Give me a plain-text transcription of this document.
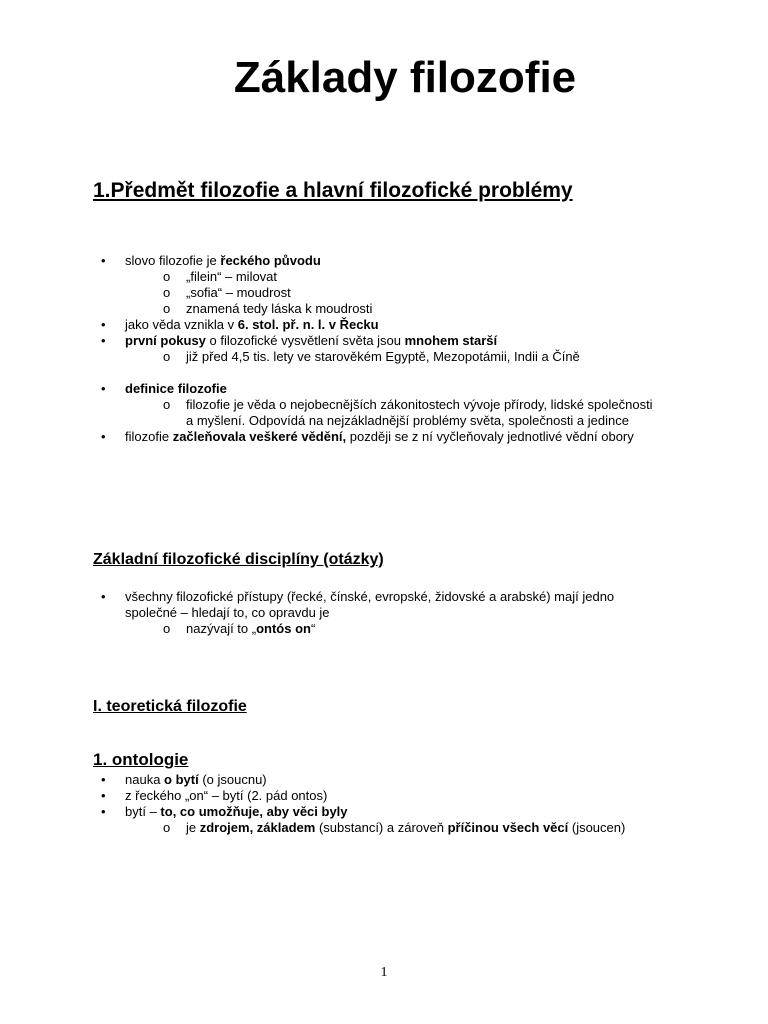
Základy filozofie
1.Předmět filozofie a hlavní filozofické problémy
• slovo filozofie je řeckého původu
o „filein“ – milovat
o „sofia“ – moudrost
o znamená tedy láska k moudrosti
• jako věda vznikla v 6. stol. př. n. l. v Řecku
• první pokusy o filozofické vysvětlení světa jsou mnohem starší
o již před 4,5 tis. lety ve starověkém Egyptě, Mezopotámii, Indii a Číně
• definice filozofie
o filozofie je věda o nejobecnějších zákonitostech vývoje přírody, lidské společnosti a myšlení. Odpovídá na nejzákladnější problémy světa, společnosti a jedince
• filozofie začleňovala veškeré vědění, později se z ní vyčleňovaly jednotlivé vědní obory
Základní filozofické disciplíny (otázky)
• všechny filozofické přístupy (řecké, čínské, evropské, židovské a arabské) mají jedno společné – hledají to, co opravdu je
o nazývají to „ontós on“
I. teoretická filozofie
1. ontologie
• nauka o bytí (o jsoucnu)
• z řeckého „on“ – bytí (2. pád ontos)
• bytí – to, co umožňuje, aby věci byly
o je zdrojem, základem (substancí) a zároveň příčinou všech věcí (jsoucen)
1
